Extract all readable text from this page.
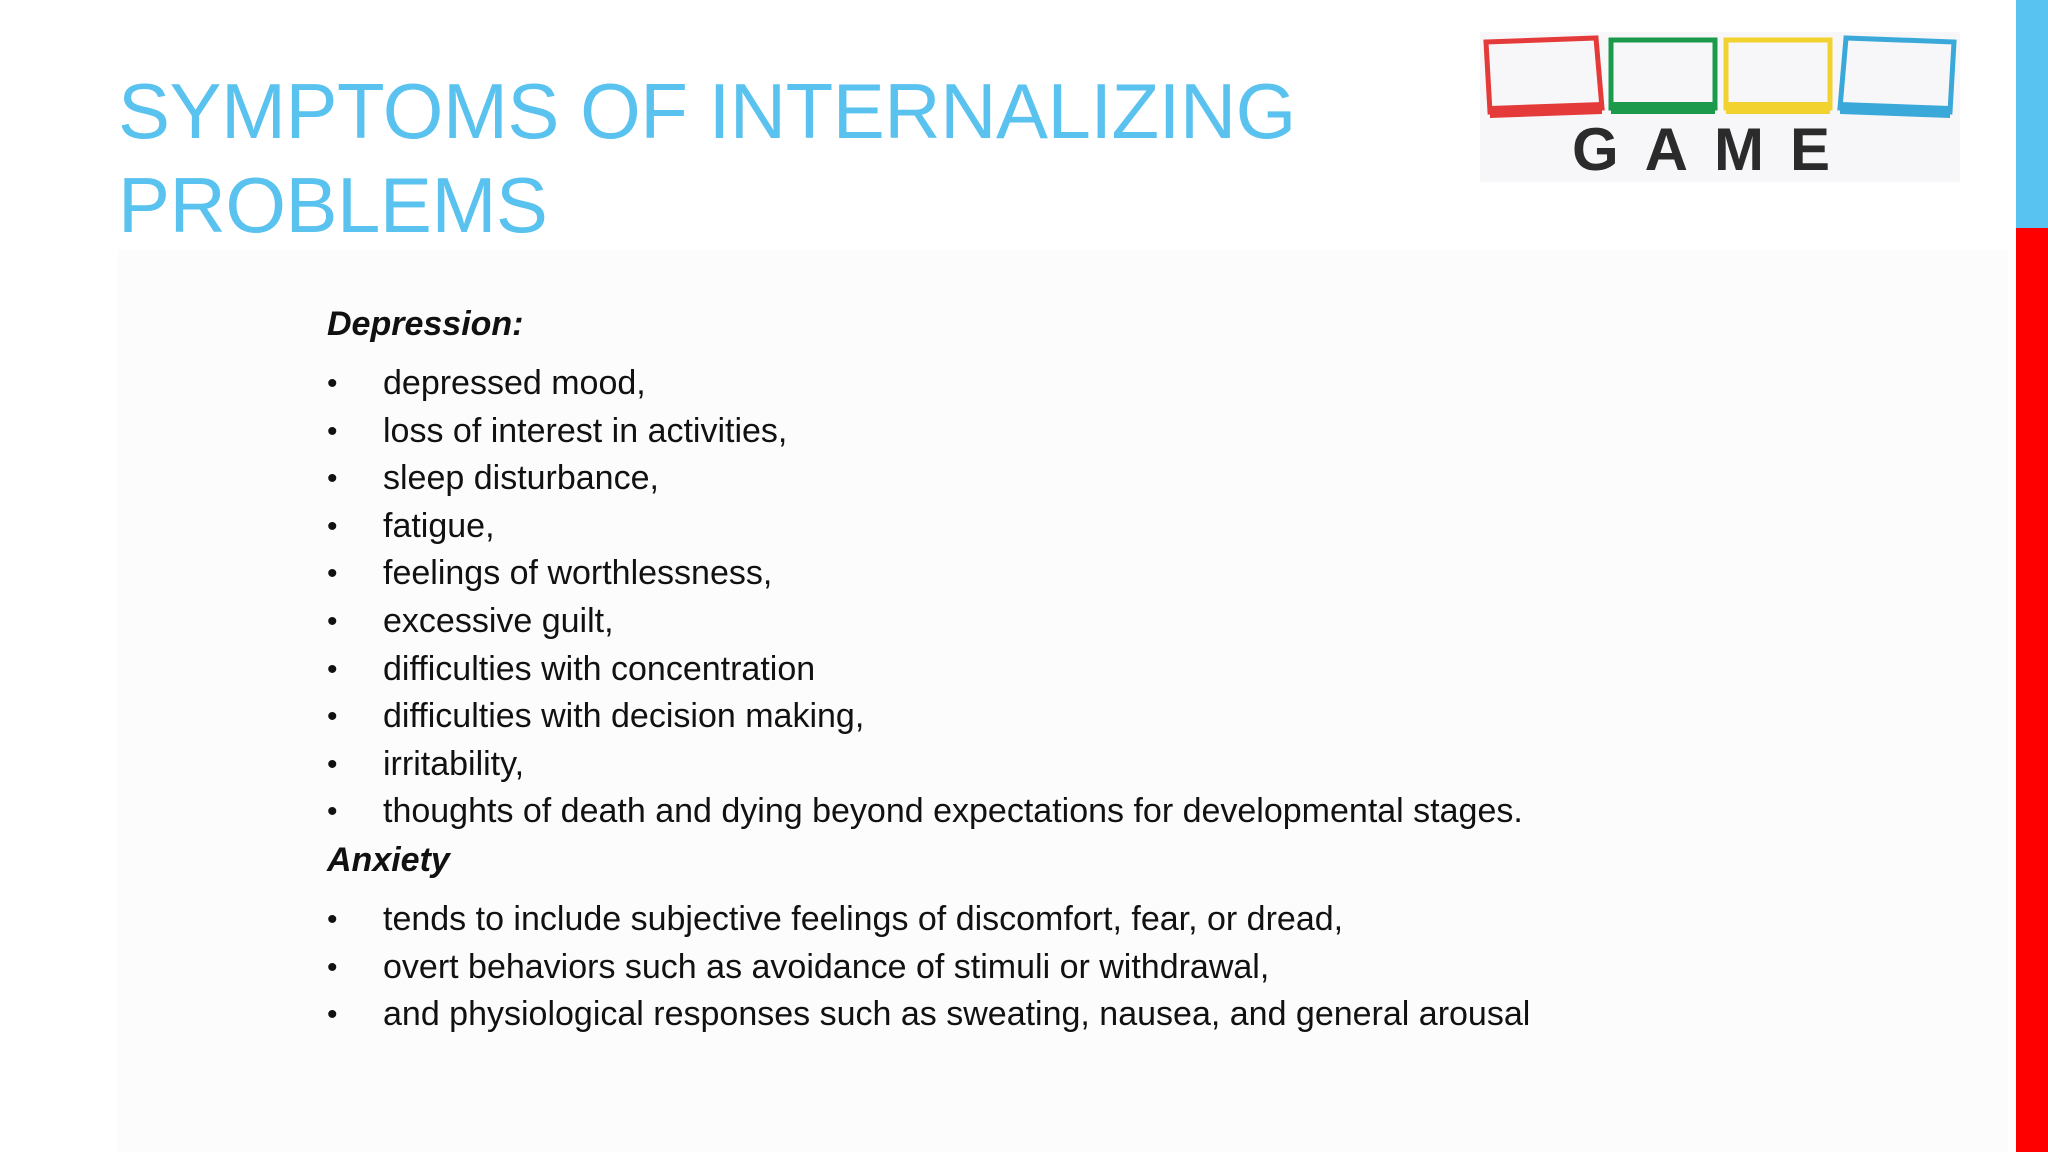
SYMPTOMS OF INTERNALIZING
PROBLEMS
GAME

Depression:

• depressed mood,
• loss of interest in activities,
• sleep disturbance,
• fatigue,
• feelings of worthlessness,
• excessive guilt,
• difficulties with concentration
• difficulties with decision making,
• irritability,
• thoughts of death and dying beyond expectations for developmental stages.

Anxiety

• tends to include subjective feelings of discomfort, fear, or dread,
• overt behaviors such as avoidance of stimuli or withdrawal,
• and physiological responses such as sweating, nausea, and general arousal
